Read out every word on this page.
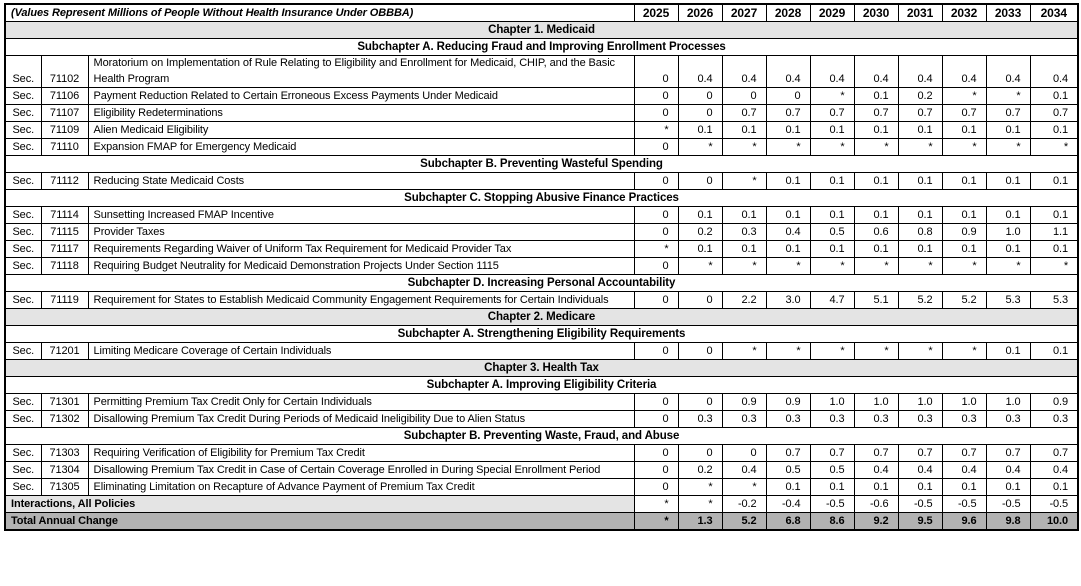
(Values Represent Millions of People Without Health Insurance Under OBBBA)			2025	2026	2027	2028	2029	2030	2031	2032	2033	2034
Chapter 1. Medicaid												
Subchapter A. Reducing Fraud and Improving Enrollment Processes												
Sec.	71102	Moratorium on Implementation of Rule Relating to Eligibility and Enrollment for Medicaid, CHIP, and the Basic Health Program	0	0.4	0.4	0.4	0.4	0.4	0.4	0.4	0.4	0.4
Sec.	71106	Payment Reduction Related to Certain Erroneous Excess Payments Under Medicaid	0	0	0	0	*	0.1	0.2	*	*	0.1
Sec.	71107	Eligibility Redeterminations	0	0	0.7	0.7	0.7	0.7	0.7	0.7	0.7	0.7
Sec.	71109	Alien Medicaid Eligibility	*	0.1	0.1	0.1	0.1	0.1	0.1	0.1	0.1	0.1
Sec.	71110	Expansion FMAP for Emergency Medicaid	0	*	*	*	*	*	*	*	*	*
Subchapter B. Preventing Wasteful Spending												
Sec.	71112	Reducing State Medicaid Costs	0	0	*	0.1	0.1	0.1	0.1	0.1	0.1	0.1
Subchapter C. Stopping Abusive Finance Practices												
Sec.	71114	Sunsetting Increased FMAP Incentive	0	0.1	0.1	0.1	0.1	0.1	0.1	0.1	0.1	0.1
Sec.	71115	Provider Taxes	0	0.2	0.3	0.4	0.5	0.6	0.8	0.9	1.0	1.1
Sec.	71117	Requirements Regarding Waiver of Uniform Tax Requirement for Medicaid Provider Tax	*	0.1	0.1	0.1	0.1	0.1	0.1	0.1	0.1	0.1
Sec.	71118	Requiring Budget Neutrality for Medicaid Demonstration Projects Under Section 1115	0	*	*	*	*	*	*	*	*	*
Subchapter D. Increasing Personal Accountability												
Sec.	71119	Requirement for States to Establish Medicaid Community Engagement Requirements for Certain Individuals	0	0	2.2	3.0	4.7	5.1	5.2	5.2	5.3	5.3
Chapter 2. Medicare												
Subchapter A. Strengthening Eligibility Requirements												
Sec.	71201	Limiting Medicare Coverage of Certain Individuals	0	0	*	*	*	*	*	*	0.1	0.1
Chapter 3. Health Tax												
Subchapter A. Improving Eligibility Criteria												
Sec.	71301	Permitting Premium Tax Credit Only for Certain Individuals	0	0	0.9	0.9	1.0	1.0	1.0	1.0	1.0	0.9
Sec.	71302	Disallowing Premium Tax Credit During Periods of Medicaid Ineligibility Due to Alien Status	0	0.3	0.3	0.3	0.3	0.3	0.3	0.3	0.3	0.3
Subchapter B. Preventing Waste, Fraud, and Abuse												
Sec.	71303	Requiring Verification of Eligibility for Premium Tax Credit	0	0	0	0.7	0.7	0.7	0.7	0.7	0.7	0.7
Sec.	71304	Disallowing Premium Tax Credit in Case of Certain Coverage Enrolled in During Special Enrollment Period	0	0.2	0.4	0.5	0.5	0.4	0.4	0.4	0.4	0.4
Sec.	71305	Eliminating Limitation on Recapture of Advance Payment of Premium Tax Credit	0	*	*	0.1	0.1	0.1	0.1	0.1	0.1	0.1
Interactions, All Policies			*	*	-0.2	-0.4	-0.5	-0.6	-0.5	-0.5	-0.5	-0.5
Total Annual Change			*	1.3	5.2	6.8	8.6	9.2	9.5	9.6	9.8	10.0
